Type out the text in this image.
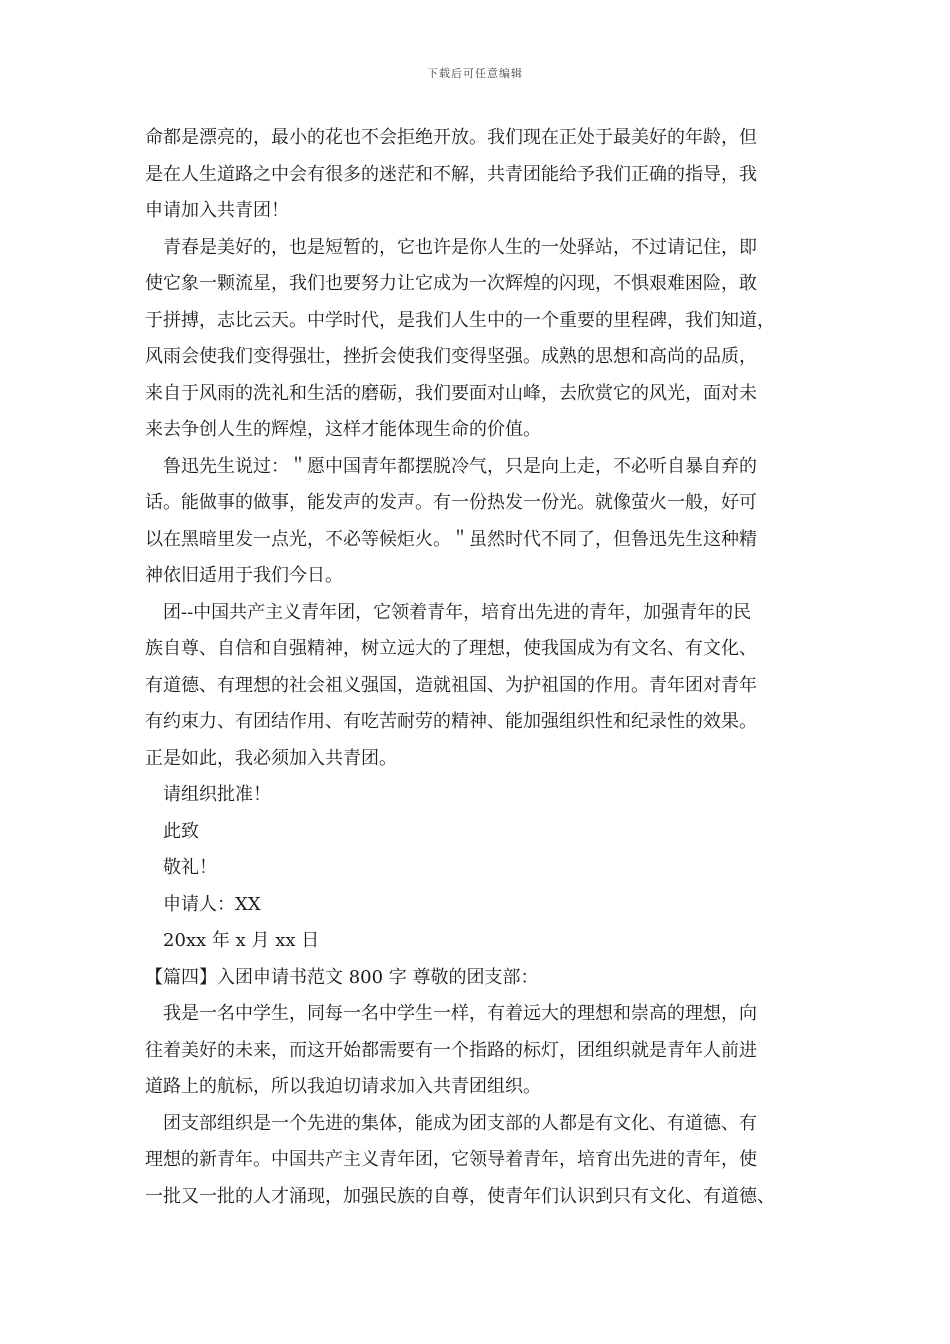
下载后可任意编辑
命都是漂亮的，最小的花也不会拒绝开放。我们现在正处于最美好的年龄，但
是在人生道路之中会有很多的迷茫和不解，共青团能给予我们正确的指导，我
申请加入共青团！
青春是美好的，也是短暂的，它也许是你人生的一处驿站，不过请记住，即
使它象一颗流星，我们也要努力让它成为一次辉煌的闪现，不惧艰难困险，敢
于拼搏，志比云天。中学时代，是我们人生中的一个重要的里程碑，我们知道，
风雨会使我们变得强壮，挫折会使我们变得坚强。成熟的思想和高尚的品质，
来自于风雨的洗礼和生活的磨砺，我们要面对山峰，去欣赏它的风光，面对未
来去争创人生的辉煌，这样才能体现生命的价值。
鲁迅先生说过：＂愿中国青年都摆脱冷气，只是向上走，不必听自暴自弃的
话。能做事的做事，能发声的发声。有一份热发一份光。就像萤火一般，好可
以在黑暗里发一点光，不必等候炬火。＂虽然时代不同了，但鲁迅先生这种精
神依旧适用于我们今日。
团--中国共产主义青年团，它领着青年，培育出先进的青年，加强青年的民
族自尊、自信和自强精神，树立远大的了理想，使我国成为有文名、有文化、
有道德、有理想的社会祖义强国，造就祖国、为护祖国的作用。青年团对青年
有约束力、有团结作用、有吃苦耐劳的精神、能加强组织性和纪录性的效果。
正是如此，我必须加入共青团。
请组织批准！
此致
敬礼！
申请人：XX
20xx 年 x 月 xx 日
【篇四】入团申请书范文 800 字 尊敬的团支部：
我是一名中学生，同每一名中学生一样，有着远大的理想和崇高的理想，向
往着美好的未来，而这开始都需要有一个指路的标灯，团组织就是青年人前进
道路上的航标，所以我迫切请求加入共青团组织。
团支部组织是一个先进的集体，能成为团支部的人都是有文化、有道德、有
理想的新青年。中国共产主义青年团，它领导着青年，培育出先进的青年，使
一批又一批的人才涌现，加强民族的自尊，使青年们认识到只有文化、有道德、
